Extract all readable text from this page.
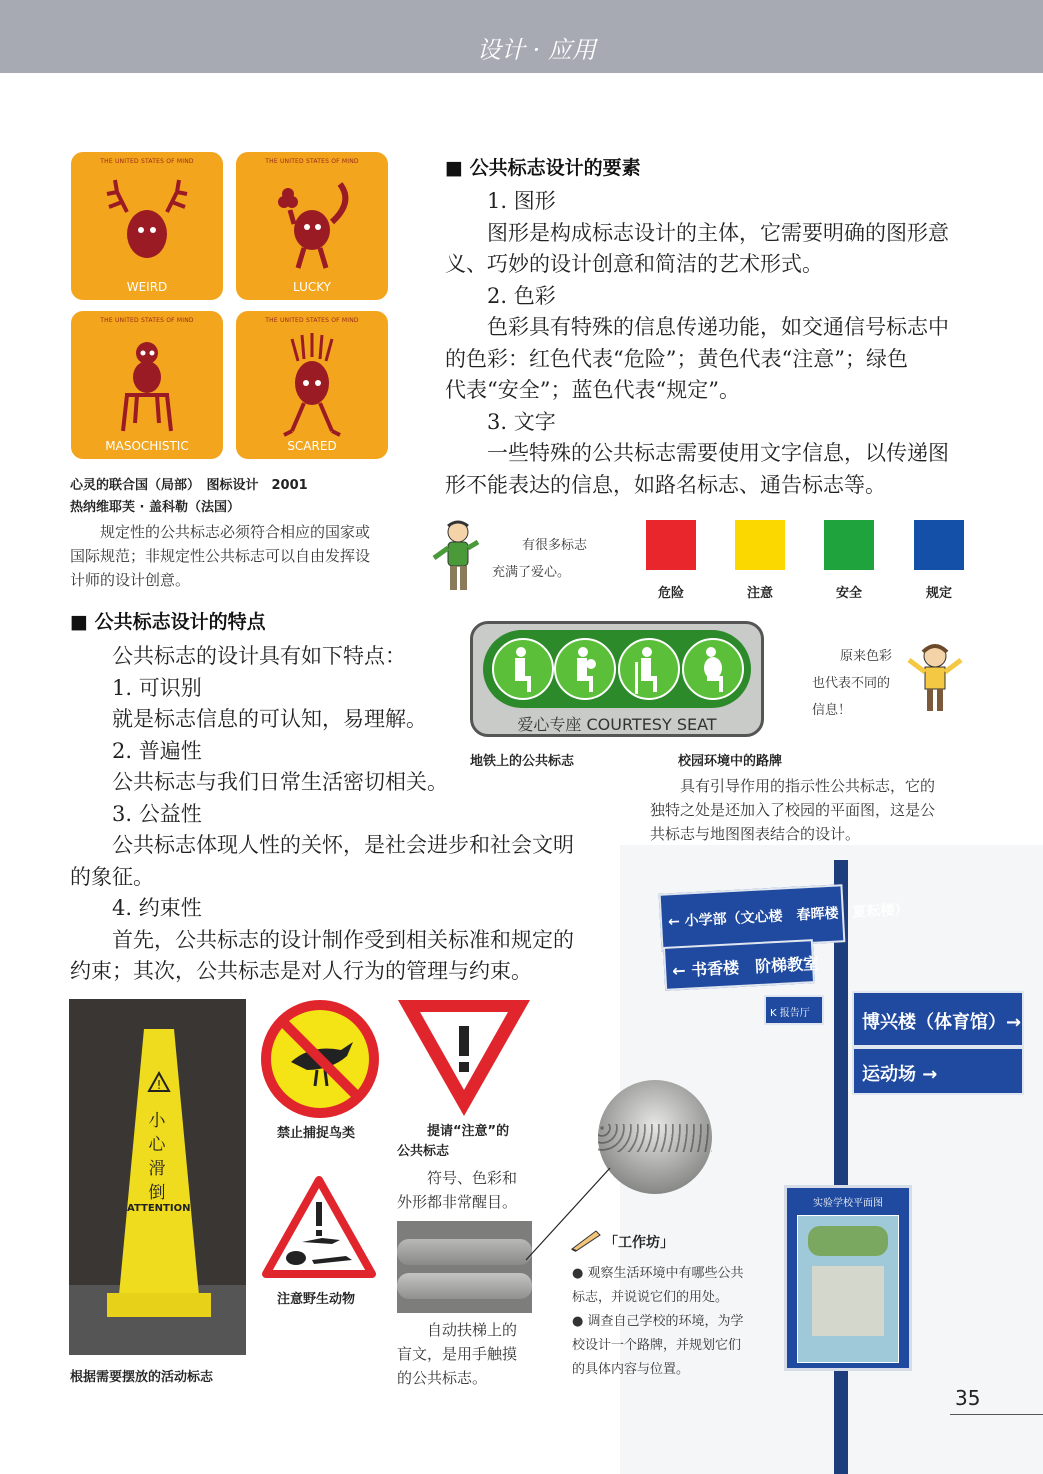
设计 · 应用
THE UNITED STATES OF MIND
WEIRD
THE UNITED STATES OF MIND
LUCKY
THE UNITED STATES OF MIND
MASOCHISTIC
THE UNITED STATES OF MIND
SCARED
心灵的联合国（局部）　图标设计　2001
热纳维耶芙 · 盖科勒（法国）
规定性的公共标志必须符合相应的国家或
国际规范；非规定性公共标志可以自由发挥设
计师的设计创意。
■ 公共标志设计的要素
1. 图形
图形是构成标志设计的主体，它需要明确的图形意
义、巧妙的设计创意和简洁的艺术形式。
2. 色彩
色彩具有特殊的信息传递功能，如交通信号标志中
的色彩：红色代表“危险”；黄色代表“注意”；绿色
代表“安全”；蓝色代表“规定”。
3. 文字
一些特殊的公共标志需要使用文字信息，以传递图
形不能表达的信息，如路名标志、通告标志等。
有很多标志
充满了爱心。
危险	注意	安全	规定
■ 公共标志设计的特点
公共标志的设计具有如下特点：
1. 可识别
就是标志信息的可认知，易理解。
2. 普遍性
公共标志与我们日常生活密切相关。
3. 公益性
公共标志体现人性的关怀，是社会进步和社会文明
的象征。
4. 约束性
首先，公共标志的设计制作受到相关标准和规定的
约束；其次，公共标志是对人行为的管理与约束。
爱心专座 COURTESY SEAT
原来色彩
也代表不同的
信息！
地铁上的公共标志	校园环境中的路牌
具有引导作用的指示性公共标志，它的
独特之处是还加入了校园的平面图，这是公
共标志与地图图表结合的设计。
← 小学部（文心楼　春晖楼　夏耘楼）
← 书香楼　阶梯教室
K 报告厅	博兴楼（体育馆）→
运动场 →
实验学校平面图
!
小
心
滑
倒
ATTENTION
根据需要摆放的活动标志
禁止捕捉鸟类	提请“注意”的
公共标志
符号、色彩和
外形都非常醒目。
注意野生动物
自动扶梯上的
盲文，是用手触摸
的公共标志。
「工作坊」
● 观察生活环境中有哪些公共
标志，并说说它们的用处。
● 调查自己学校的环境，为学
校设计一个路牌，并规划它们
的具体内容与位置。
35
